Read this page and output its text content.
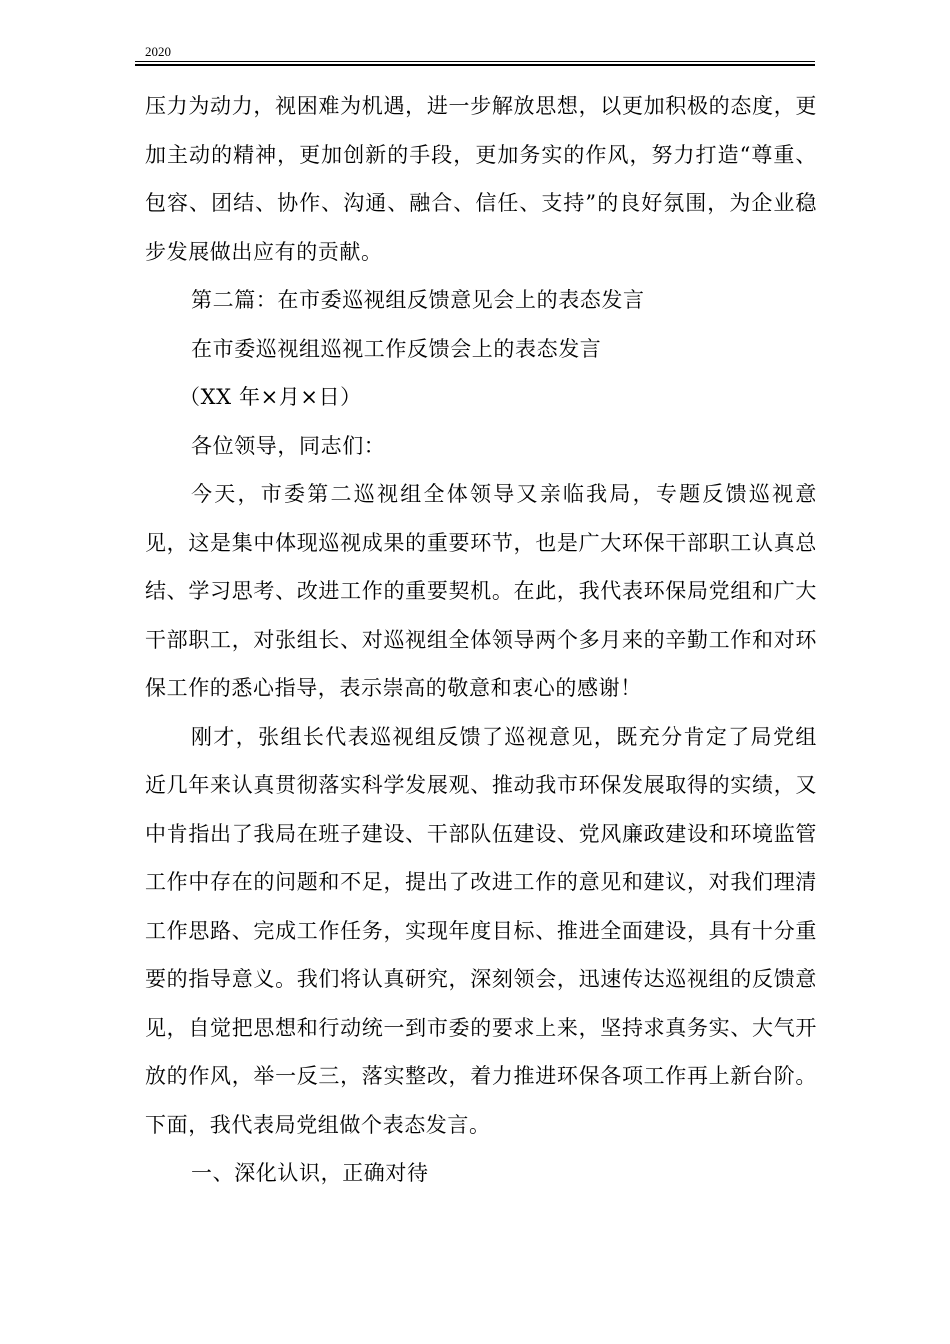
2020

压力为动力，视困难为机遇，进一步解放思想，以更加积极的态度，更加主动的精神，更加创新的手段，更加务实的作风，努力打造“尊重、包容、团结、协作、沟通、融合、信任、支持”的良好氛围，为企业稳步发展做出应有的贡献。

第二篇：在市委巡视组反馈意见会上的表态发言

在市委巡视组巡视工作反馈会上的表态发言

（XX 年×月×日）

各位领导，同志们：

今天，市委第二巡视组全体领导又亲临我局，专题反馈巡视意见，这是集中体现巡视成果的重要环节，也是广大环保干部职工认真总结、学习思考、改进工作的重要契机。在此，我代表环保局党组和广大干部职工，对张组长、对巡视组全体领导两个多月来的辛勤工作和对环保工作的悉心指导，表示崇高的敬意和衷心的感谢！

刚才，张组长代表巡视组反馈了巡视意见，既充分肯定了局党组近几年来认真贯彻落实科学发展观、推动我市环保发展取得的实绩，又中肯指出了我局在班子建设、干部队伍建设、党风廉政建设和环境监管工作中存在的问题和不足，提出了改进工作的意见和建议，对我们理清工作思路、完成工作任务，实现年度目标、推进全面建设，具有十分重要的指导意义。我们将认真研究，深刻领会，迅速传达巡视组的反馈意见，自觉把思想和行动统一到市委的要求上来，坚持求真务实、大气开放的作风，举一反三，落实整改，着力推进环保各项工作再上新台阶。下面，我代表局党组做个表态发言。

一、深化认识，正确对待
